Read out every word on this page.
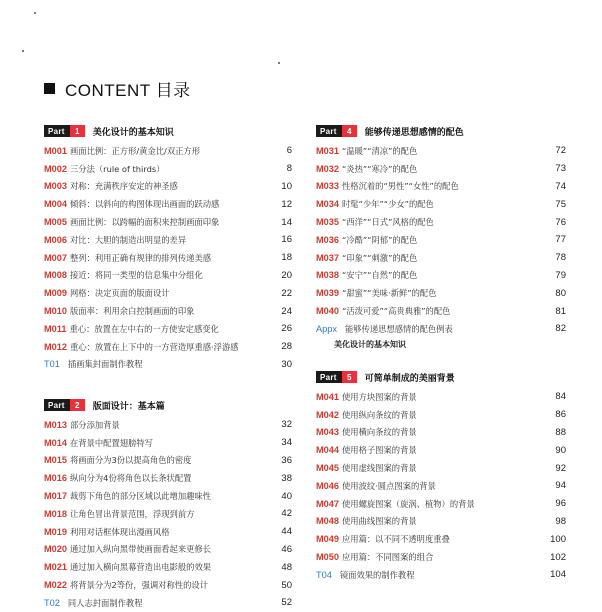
CONTENT 目录
Part	1	美化设计的基本知识
M001 画面比例：正方形/黄金比/双正方形	6
M002 三分法（rule of thirds）	8
M003 对称：充满秩序安定的神圣感	10
M004 倾斜：以斜向的构图体现出画面的跃动感	12
M005 画面比例：以跨幅的面积来控制画面印象	14
M006 对比：大胆的制造出明显的差异	16
M007 整列：利用正确有规律的排列传递美感	18
M008 接近：将同一类型的信息集中分组化	20
M009 网格：决定页面的版面设计	22
M010 版面率：利用余白控制画面的印象	24
M011 重心：放置在左中右的一方使安定感变化	26
M012 重心：放置在上下中的一方营造厚重感·浮游感	28
T01 插画集封面制作教程	30
Part	2	版面设计：基本篇
M013 部分添加背景	32
M014 在背景中配置翅膀特写	34
M015 将画面分为3份以提高角色的密度	36
M016 纵向分为4份将角色以长条状配置	38
M017 裁剪下角色的部分区域以此增加趣味性	40
M018 让角色冒出背景范围，浮现到前方	42
M019 利用对话框体现出漫画风格	44
M020 通过加入纵向黑带使画面看起来更修长	46
M021 通过加入横向黑幕营造出电影般的效果	48
M022 将背景分为2等份，强调对称性的设计	50
T02 同人志封面制作教程	52
Part	4	能够传递思想感情的配色
M031 “温暖”“清凉”的配色	72
M032 “炎热”“寒冷”的配色	73
M033 性格沉着的“男性”“女性”的配色	74
M034 时髦“少年”“少女”的配色	75
M035 “西洋”“日式”风格的配色	76
M036 “冷酷”“阴郁”的配色	77
M037 “印象”“刺激”的配色	78
M038 “安宁”“自然”的配色	79
M039 “甜蜜”“美味·新鲜”的配色	80
M040 “活泼可爱”“高贵典雅”的配色	81
Appx 能够传递思想感情的配色例表	82
美化设计的基本知识
Part	5	可简单制成的美丽背景
M041 使用方块图案的背景	84
M042 使用纵向条纹的背景	86
M043 使用横向条纹的背景	88
M044 使用格子图案的背景	90
M045 使用虚线图案的背景	92
M046 使用波纹·圆点图案的背景	94
M047 使用螺旋图案（旋涡、植物）的背景	96
M048 使用曲线图案的背景	98
M049 应用篇：以不同不透明度重叠	100
M050 应用篇：不同图案的组合	102
T04 镜面效果的制作教程	104
